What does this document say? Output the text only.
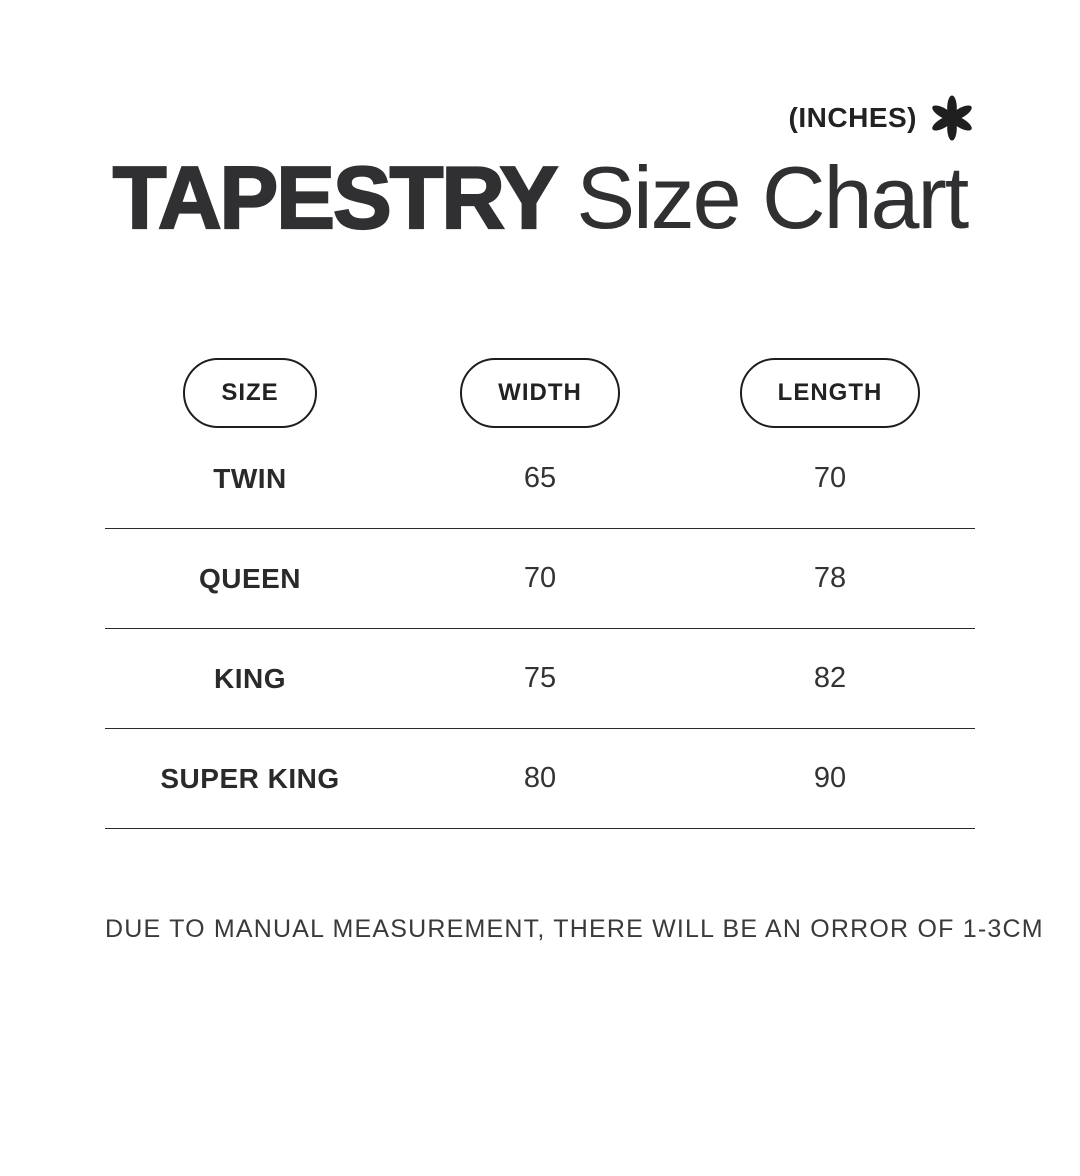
(INCHES)
TAPESTRY Size Chart
SIZE	WIDTH	LENGTH
TWIN	65	70
QUEEN	70	78
KING	75	82
SUPER KING	80	90

DUE TO MANUAL MEASUREMENT, THERE WILL BE AN ORROR OF 1-3CM
